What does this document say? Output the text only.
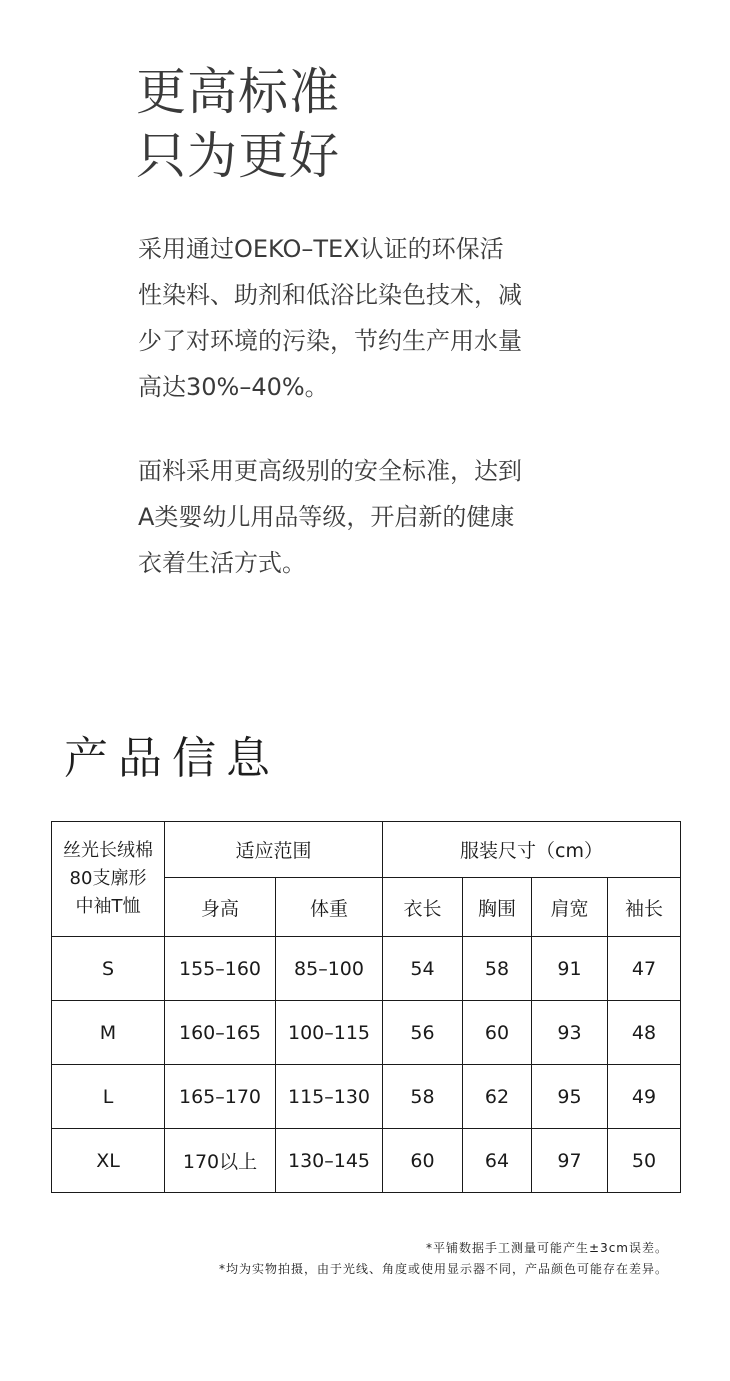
更高标准
只为更好
采用通过OEKO–TEX认证的环保活
性染料、助剂和低浴比染色技术，减
少了对环境的污染，节约生产用水量
高达30%–40%。
面料采用更高级别的安全标准，达到
A类婴幼儿用品等级，开启新的健康
衣着生活方式。
产品信息
丝光长绒棉
80支廓形
中袖T恤	适应范围		服装尺寸（cm）			
	身高	体重	衣长	胸围	肩宽	袖长
S	155–160	85–100	54	58	91	47
M	160–165	100–115	56	60	93	48
L	165–170	115–130	58	62	95	49
XL	170以上	130–145	60	64	97	50
*平铺数据手工测量可能产生±3cm误差。
*均为实物拍摄，由于光线、角度或使用显示器不同，产品颜色可能存在差异。
